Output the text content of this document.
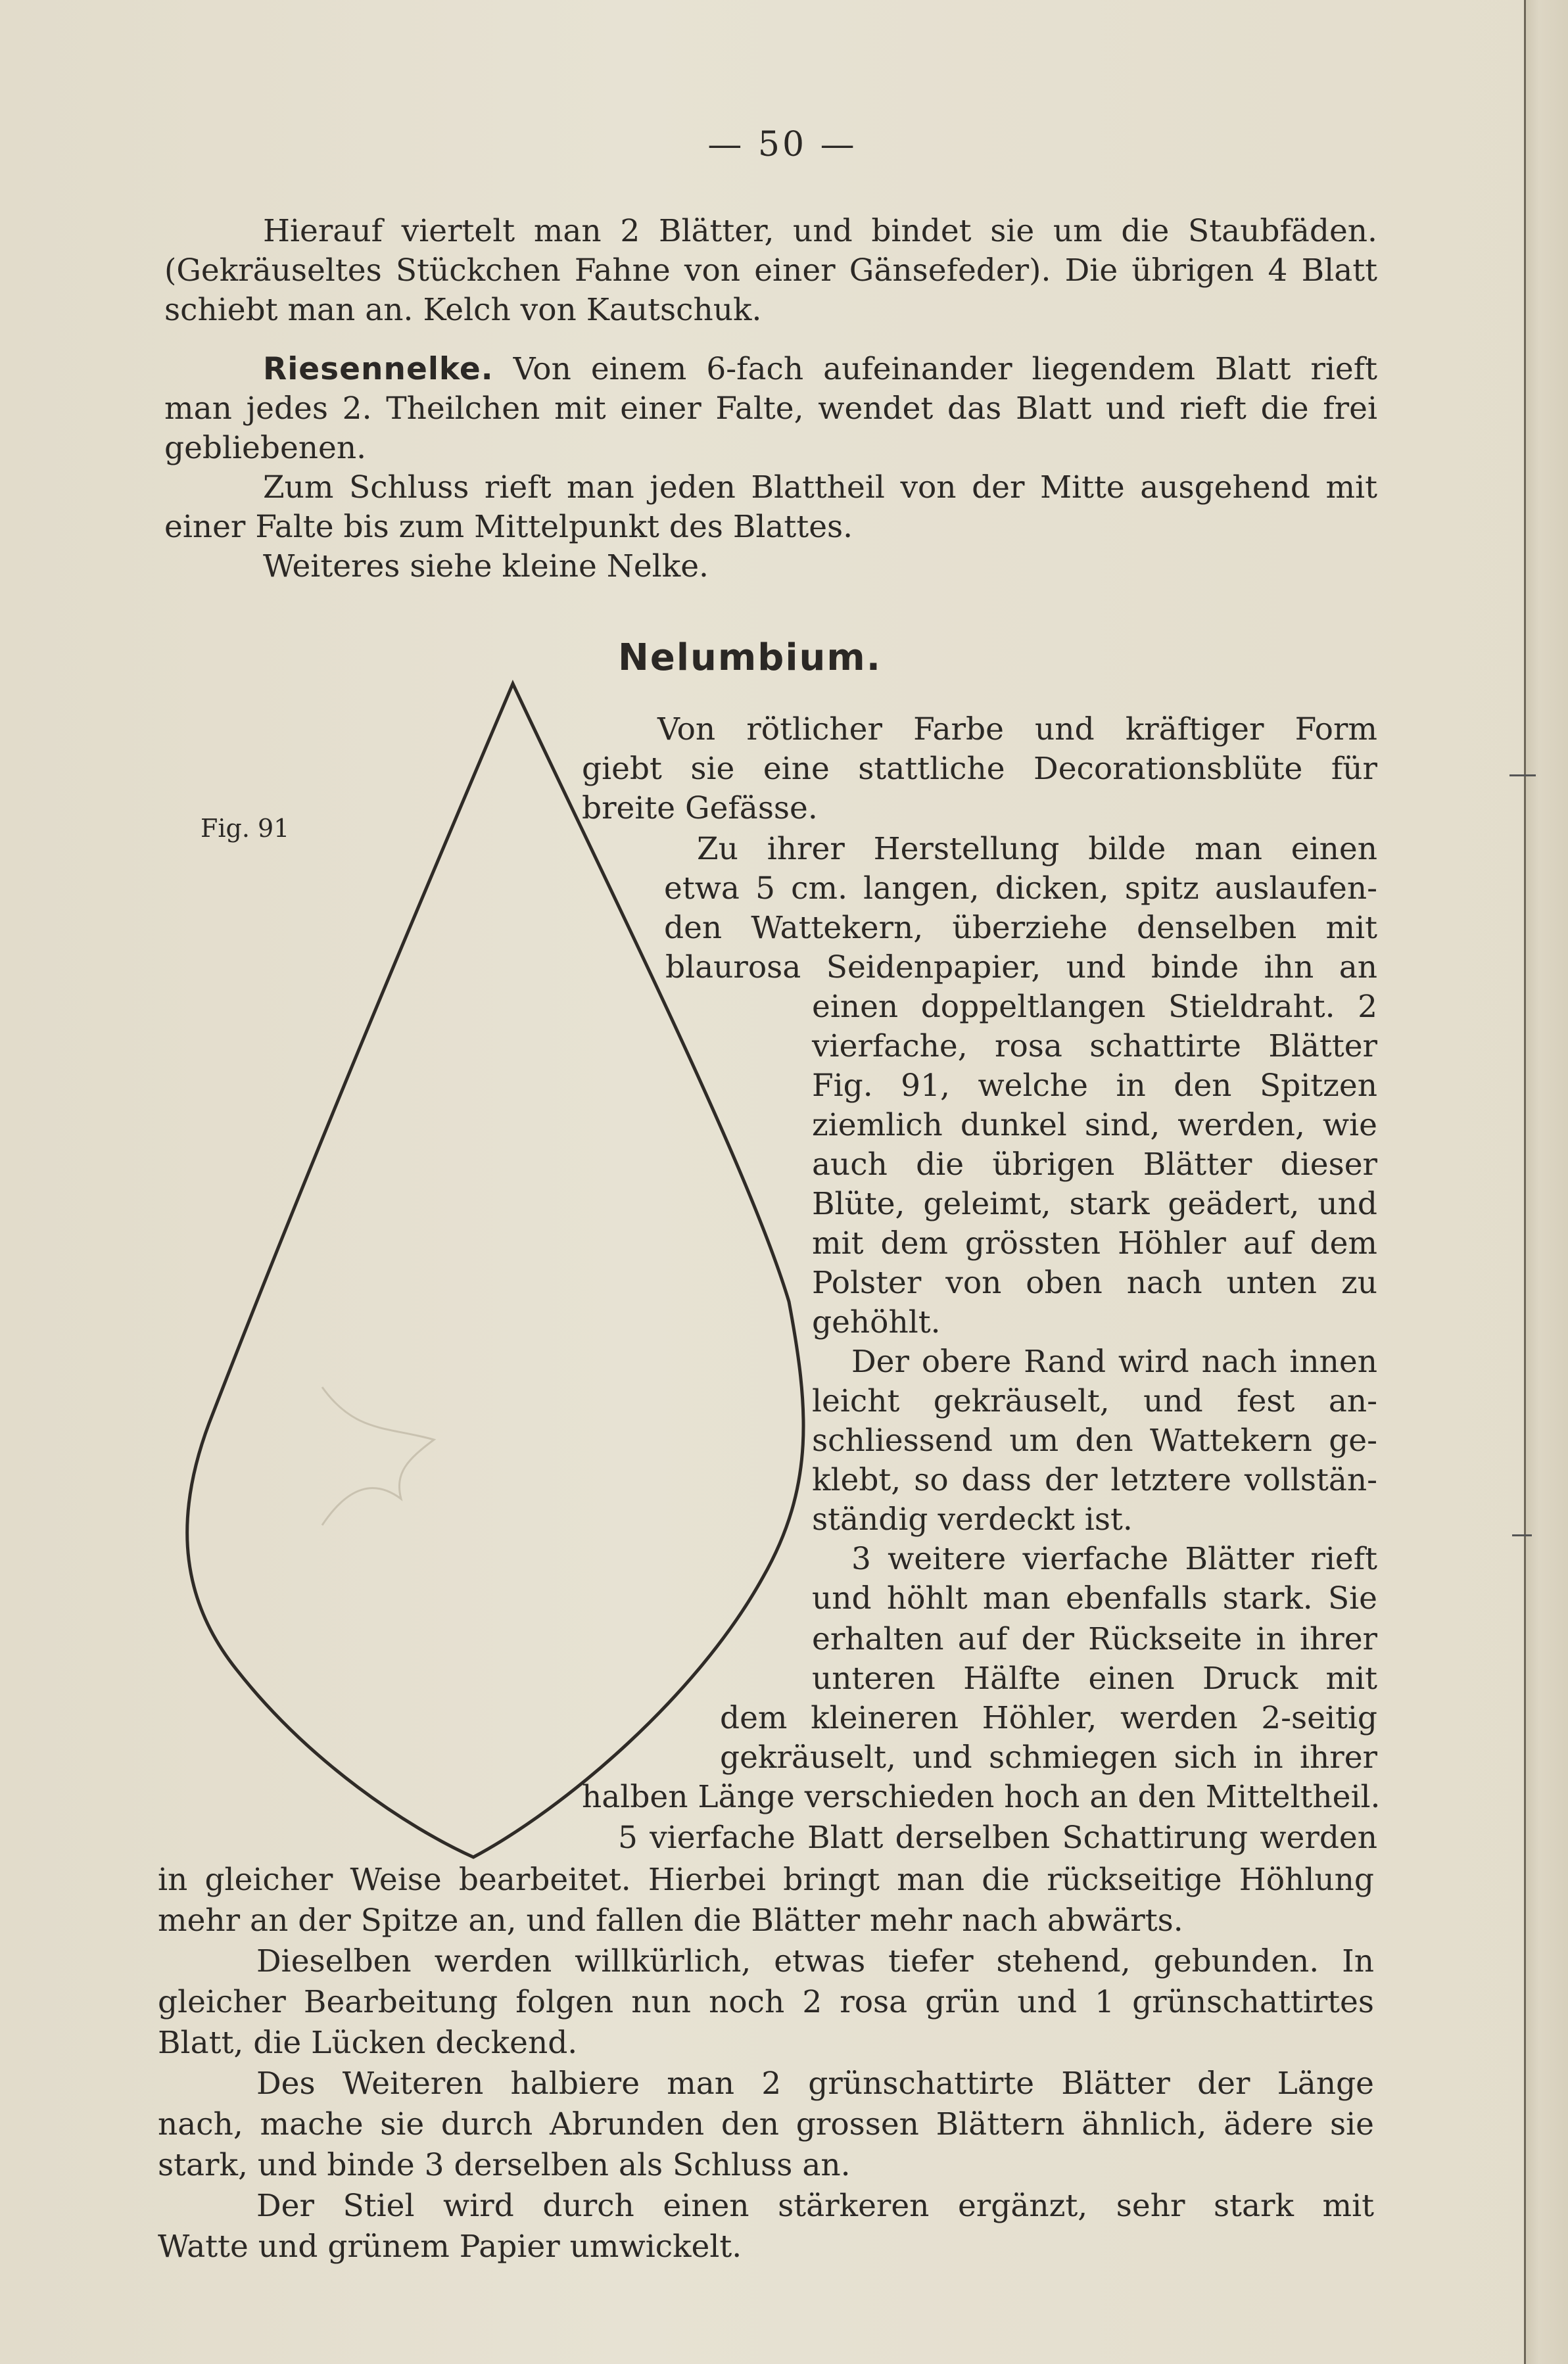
— 50 —

Hierauf viertelt man 2 Blätter, und bindet sie um die Staubfäden. (Gekräuseltes Stückchen Fahne von einer Gänsefeder). Die übrigen 4 Blatt schiebt man an. Kelch von Kautschuk.

Riesennelke. Von einem 6-fach aufeinander liegendem Blatt rieft man jedes 2. Theilchen mit einer Falte, wendet das Blatt und rieft die frei gebliebenen.

Zum Schluss rieft man jeden Blattheil von der Mitte ausgehend mit einer Falte bis zum Mittelpunkt des Blattes.

Weiteres siehe kleine Nelke.

Nelumbium.
Fig. 91
Von rötlicher Farbe und kräftiger Form
giebt sie eine stattliche Decorationsblüte für
breite Gefässe.
Zu ihrer Herstellung bilde man einen
etwa 5 cm. langen, dicken, spitz auslaufen-
den Wattekern, überziehe denselben mit
blaurosa Seidenpapier, und binde ihn an
einen doppeltlangen Stieldraht. 2
vierfache, rosa schattirte Blätter
Fig. 91, welche in den Spitzen
ziemlich dunkel sind, werden, wie
auch die übrigen Blätter dieser
Blüte, geleimt, stark geädert, und
mit dem grössten Höhler auf dem
Polster von oben nach unten zu
gehöhlt.
Der obere Rand wird nach innen
leicht gekräuselt, und fest an-
schliessend um den Wattekern ge-
klebt, so dass der letztere vollstän-
ständig verdeckt ist.
3 weitere vierfache Blätter rieft
und höhlt man ebenfalls stark. Sie
erhalten auf der Rückseite in ihrer
unteren Hälfte einen Druck mit
dem kleineren Höhler, werden 2-seitig
gekräuselt, und schmiegen sich in ihrer
halben Länge verschieden hoch an den Mitteltheil.
5 vierfache Blatt derselben Schattirung werden
in gleicher Weise bearbeitet. Hierbei bringt man die rückseitige Höhlung
mehr an der Spitze an, und fallen die Blätter mehr nach abwärts.
Dieselben werden willkürlich, etwas tiefer stehend, gebunden. In
gleicher Bearbeitung folgen nun noch 2 rosa grün und 1 grünschattirtes
Blatt, die Lücken deckend.
Des Weiteren halbiere man 2 grünschattirte Blätter der Länge
nach, mache sie durch Abrunden den grossen Blättern ähnlich, ädere sie
stark, und binde 3 derselben als Schluss an.
Der Stiel wird durch einen stärkeren ergänzt, sehr stark mit
Watte und grünem Papier umwickelt.
